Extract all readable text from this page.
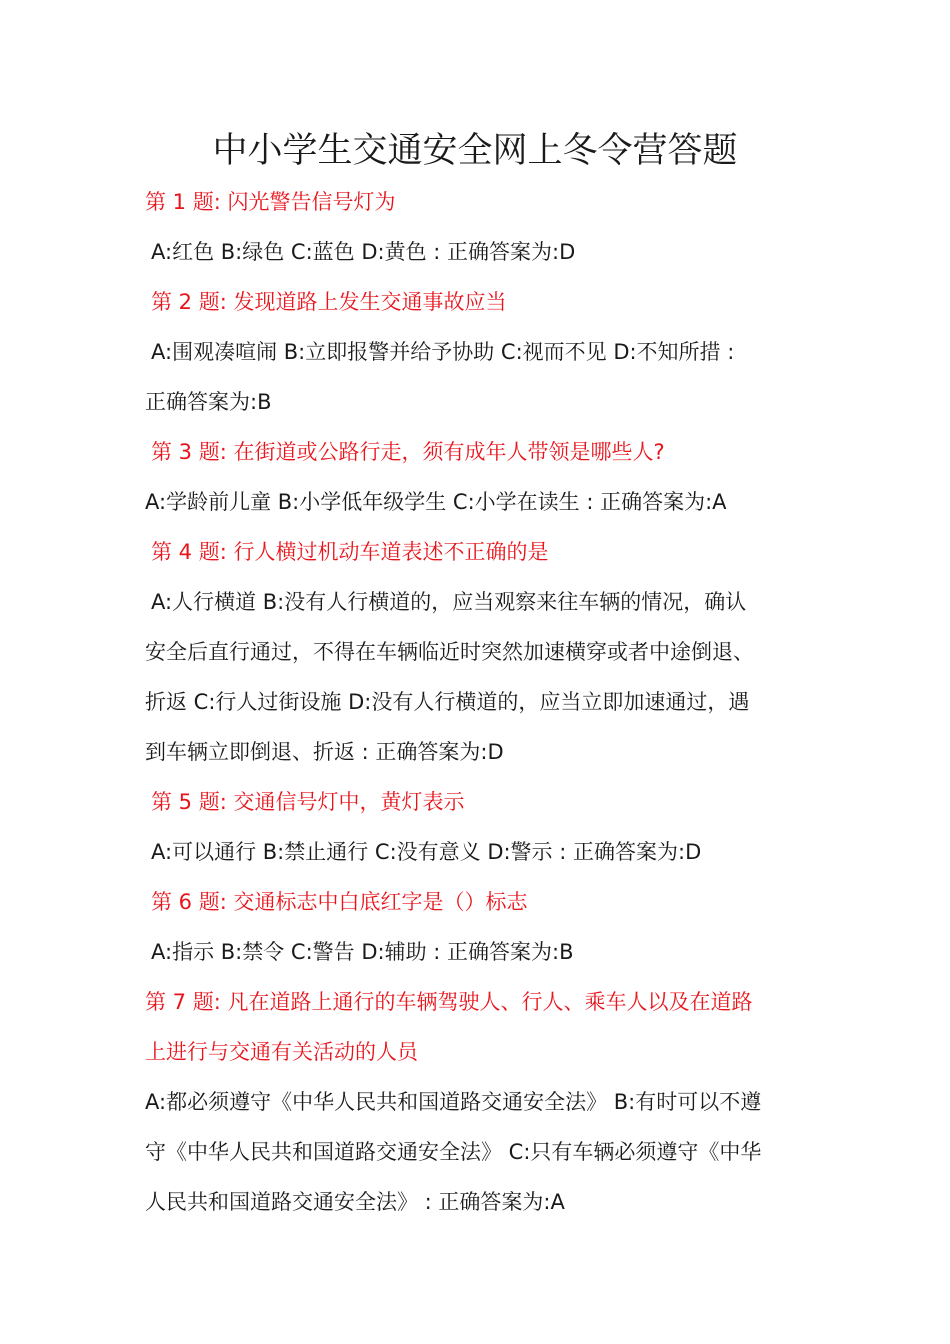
中小学生交通安全网上冬令营答题
第 1 题: 闪光警告信号灯为
A:红色 B:绿色 C:蓝色 D:黄色 : 正确答案为:D
第 2 题: 发现道路上发生交通事故应当
A:围观凑喧闹 B:立即报警并给予协助 C:视而不见 D:不知所措 :
正确答案为:B
第 3 题: 在街道或公路行走，须有成年人带领是哪些人?
A:学龄前儿童 B:小学低年级学生 C:小学在读生 : 正确答案为:A
第 4 题: 行人横过机动车道表述不正确的是
A:人行横道 B:没有人行横道的，应当观察来往车辆的情况，确认
安全后直行通过，不得在车辆临近时突然加速横穿或者中途倒退、
折返 C:行人过街设施 D:没有人行横道的，应当立即加速通过，遇
到车辆立即倒退、折返 : 正确答案为:D
第 5 题: 交通信号灯中，黄灯表示
A:可以通行 B:禁止通行 C:没有意义 D:警示 : 正确答案为:D
第 6 题: 交通标志中白底红字是（）标志
A:指示 B:禁令 C:警告 D:辅助 : 正确答案为:B
第 7 题: 凡在道路上通行的车辆驾驶人、行人、乘车人以及在道路
上进行与交通有关活动的人员
A:都必须遵守《中华人民共和国道路交通安全法》 B:有时可以不遵
守《中华人民共和国道路交通安全法》 C:只有车辆必须遵守《中华
人民共和国道路交通安全法》 : 正确答案为:A
